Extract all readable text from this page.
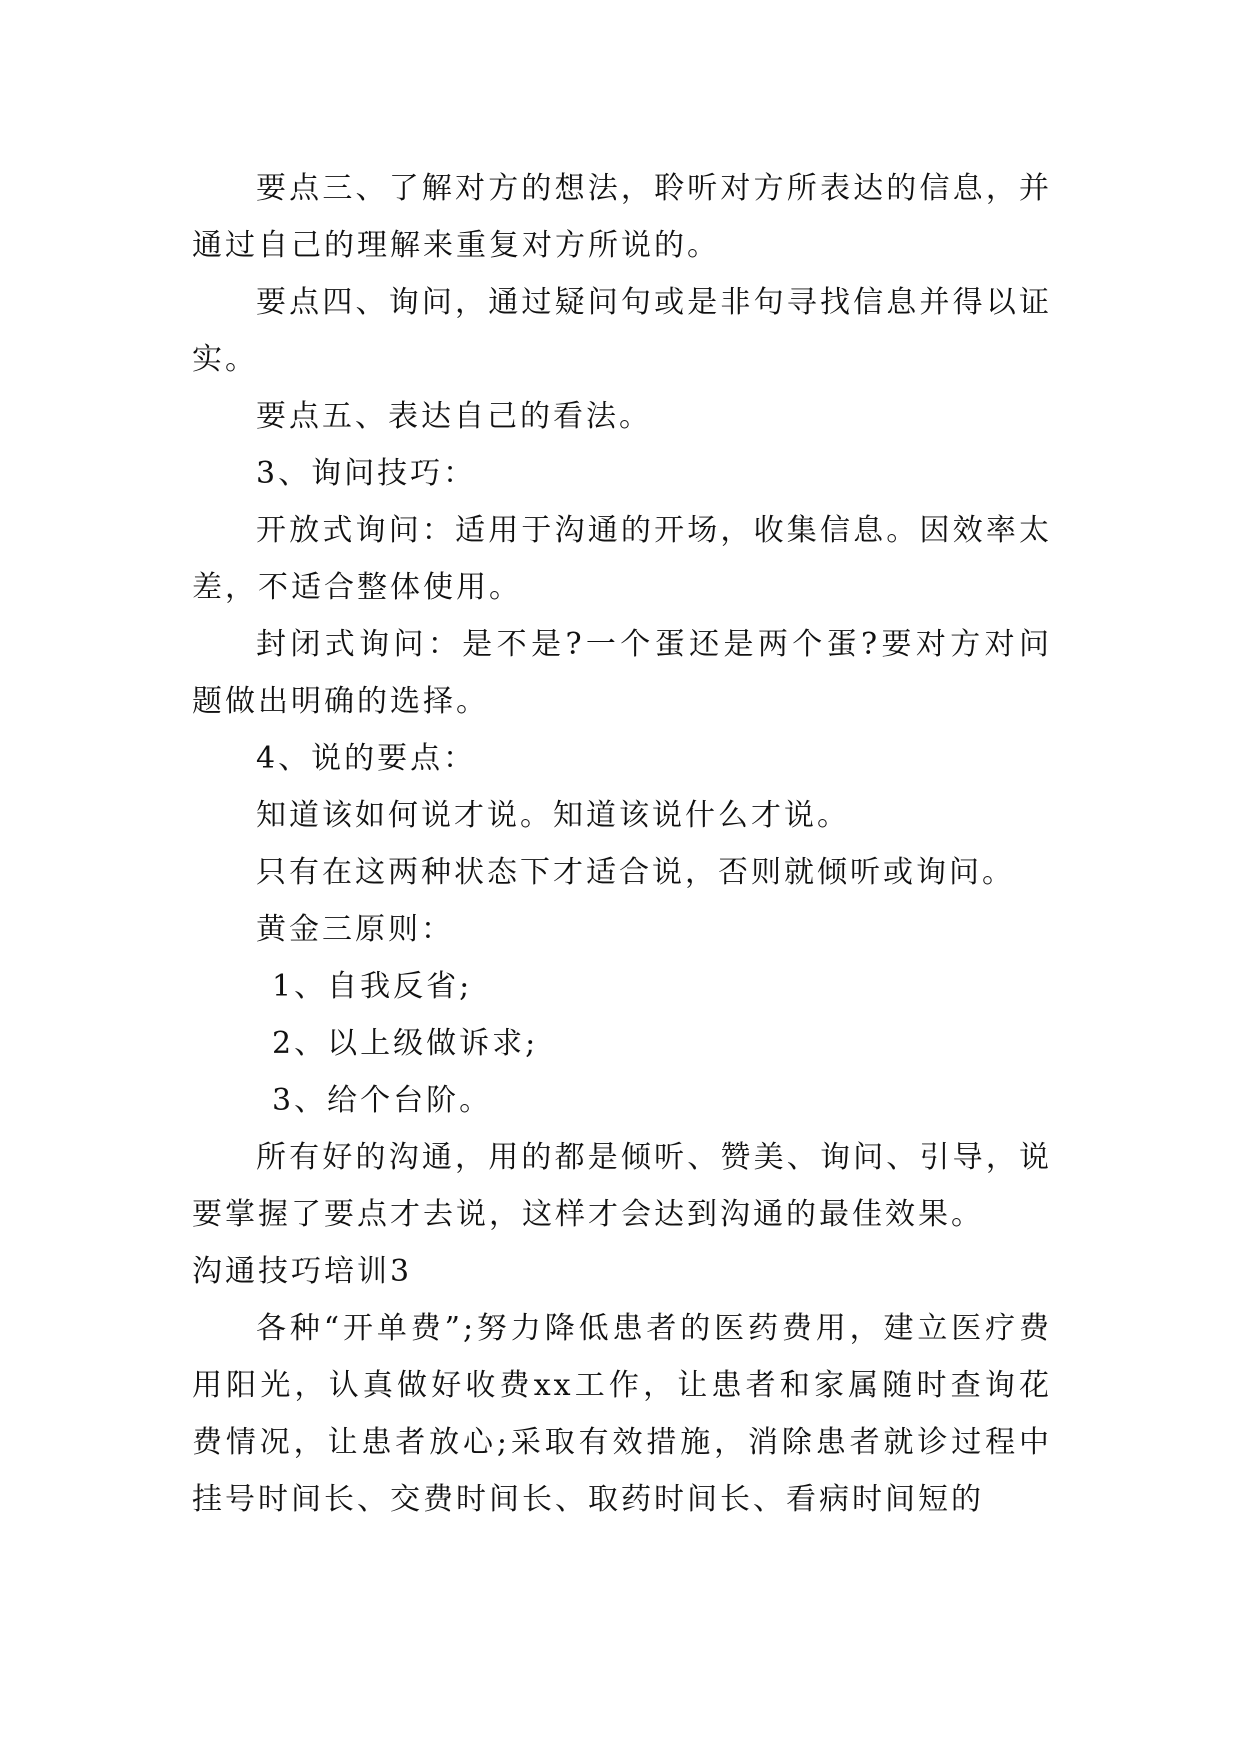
要点三、了解对方的想法，聆听对方所表达的信息，并通过自己的理解来重复对方所说的。

要点四、询问，通过疑问句或是非句寻找信息并得以证实。

要点五、表达自己的看法。

3、询问技巧：

开放式询问：适用于沟通的开场，收集信息。因效率太差，不适合整体使用。

封闭式询问：是不是?一个蛋还是两个蛋?要对方对问题做出明确的选择。

4、说的要点：

知道该如何说才说。知道该说什么才说。

只有在这两种状态下才适合说，否则就倾听或询问。

黄金三原则：

1、自我反省;

2、以上级做诉求;

3、给个台阶。

所有好的沟通，用的都是倾听、赞美、询问、引导，说要掌握了要点才去说，这样才会达到沟通的最佳效果。

沟通技巧培训3

各种“开单费”;努力降低患者的医药费用，建立医疗费用阳光，认真做好收费xx工作，让患者和家属随时查询花费情况，让患者放心;采取有效措施，消除患者就诊过程中挂号时间长、交费时间长、取药时间长、看病时间短的
